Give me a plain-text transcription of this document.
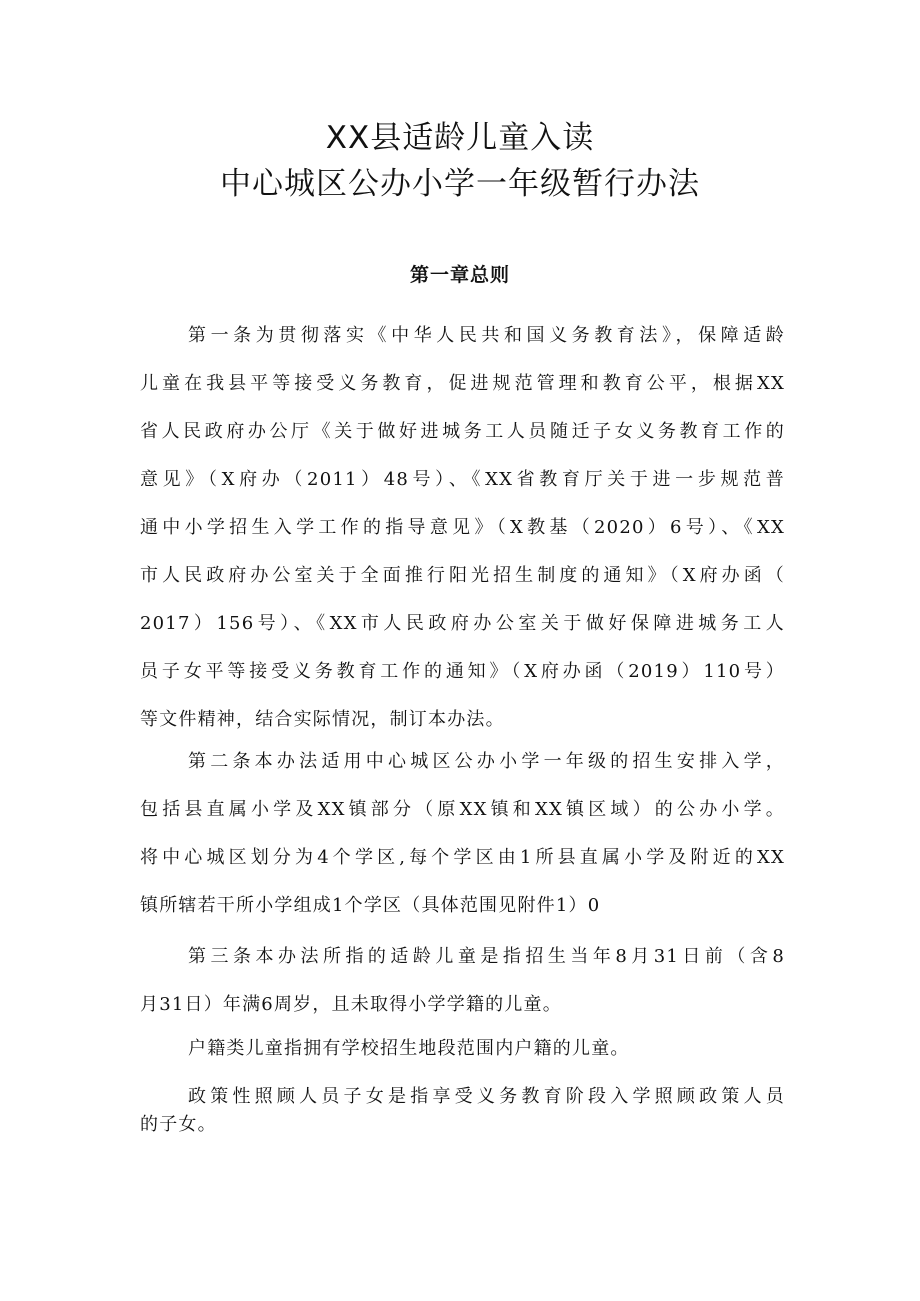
XX县适龄儿童入读
中心城区公办小学一年级暂行办法
第一章总则
第一条为贯彻落实《中华人民共和国义务教育法》，保障适龄
儿童在我县平等接受义务教育，促进规范管理和教育公平，根据XX
省人民政府办公厅《关于做好进城务工人员随迁子女义务教育工作的
意见》（X府办（2011）48号）、《XX省教育厅关于进一步规范普
通中小学招生入学工作的指导意见》（X教基（2020）6号）、《XX
市人民政府办公室关于全面推行阳光招生制度的通知》（X府办函（
2017）156号）、《XX市人民政府办公室关于做好保障进城务工人
员子女平等接受义务教育工作的通知》（X府办函（2019）110号）
等文件精神，结合实际情况，制订本办法。
第二条本办法适用中心城区公办小学一年级的招生安排入学，
包括县直属小学及XX镇部分（原XX镇和XX镇区域）的公办小学。
将中心城区划分为4个学区,每个学区由1所县直属小学及附近的XX
镇所辖若干所小学组成1个学区（具体范围见附件1）0
第三条本办法所指的适龄儿童是指招生当年8月31日前（含8
月31日）年满6周岁，且未取得小学学籍的儿童。
户籍类儿童指拥有学校招生地段范围内户籍的儿童。
政策性照顾人员子女是指享受义务教育阶段入学照顾政策人员
的子女。
